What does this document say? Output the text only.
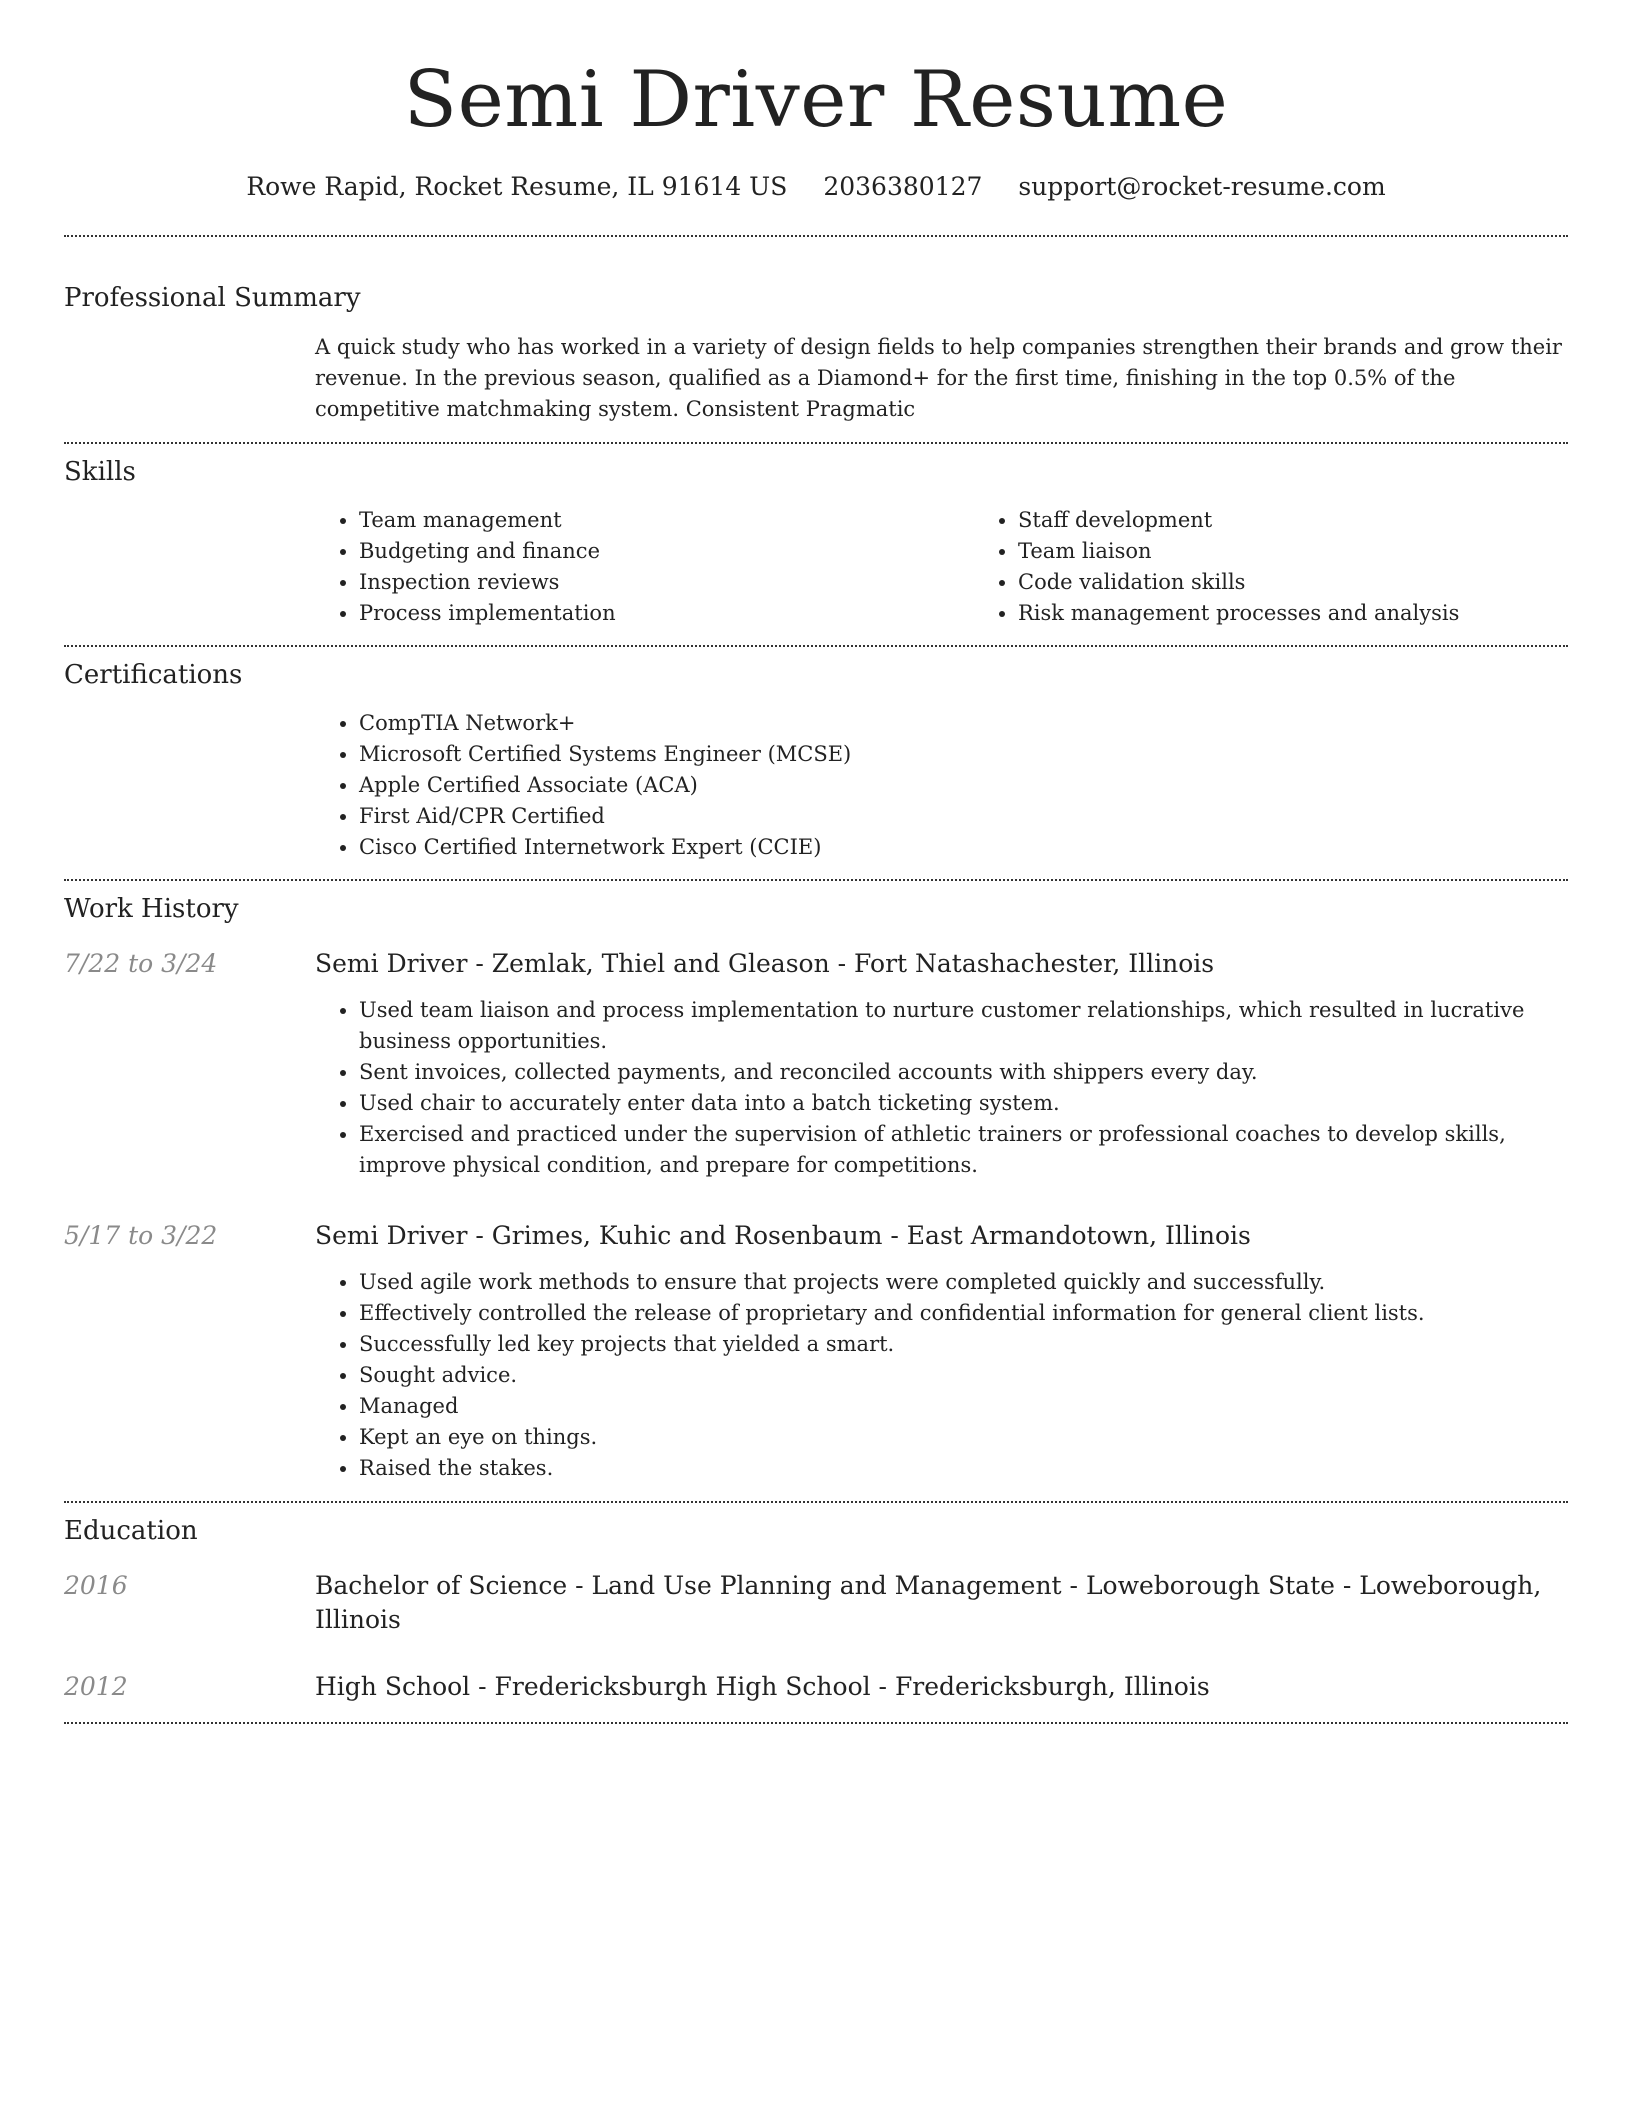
Semi Driver Resume
Rowe Rapid, Rocket Resume, IL 91614 US 2036380127 support@rocket-resume.com
Professional Summary

A quick study who has worked in a variety of design fields to help companies strengthen their brands and grow their revenue. In the previous season, qualified as a Diamond+ for the first time, finishing in the top 0.5% of the competitive matchmaking system. Consistent Pragmatic

Skills
• Team management
• Budgeting and finance
• Inspection reviews
• Process implementation
• Staff development
• Team liaison
• Code validation skills
• Risk management processes and analysis
Certifications
• CompTIA Network+
• Microsoft Certified Systems Engineer (MCSE)
• Apple Certified Associate (ACA)
• First Aid/CPR Certified
• Cisco Certified Internetwork Expert (CCIE)
Work History
7/22 to 3/24	Semi Driver - Zemlak, Thiel and Gleason - Fort Natashachester, Illinois
• Used team liaison and process implementation to nurture customer relationships, which resulted in lucrative business opportunities.
• Sent invoices, collected payments, and reconciled accounts with shippers every day.
• Used chair to accurately enter data into a batch ticketing system.
• Exercised and practiced under the supervision of athletic trainers or professional coaches to develop skills, improve physical condition, and prepare for competitions.
5/17 to 3/22	Semi Driver - Grimes, Kuhic and Rosenbaum - East Armandotown, Illinois
• Used agile work methods to ensure that projects were completed quickly and successfully.
• Effectively controlled the release of proprietary and confidential information for general client lists.
• Successfully led key projects that yielded a smart.
• Sought advice.
• Managed
• Kept an eye on things.
• Raised the stakes.
Education
2016	Bachelor of Science - Land Use Planning and Management - Loweborough State - Loweborough, Illinois
2012	High School - Fredericksburgh High School - Fredericksburgh, Illinois
